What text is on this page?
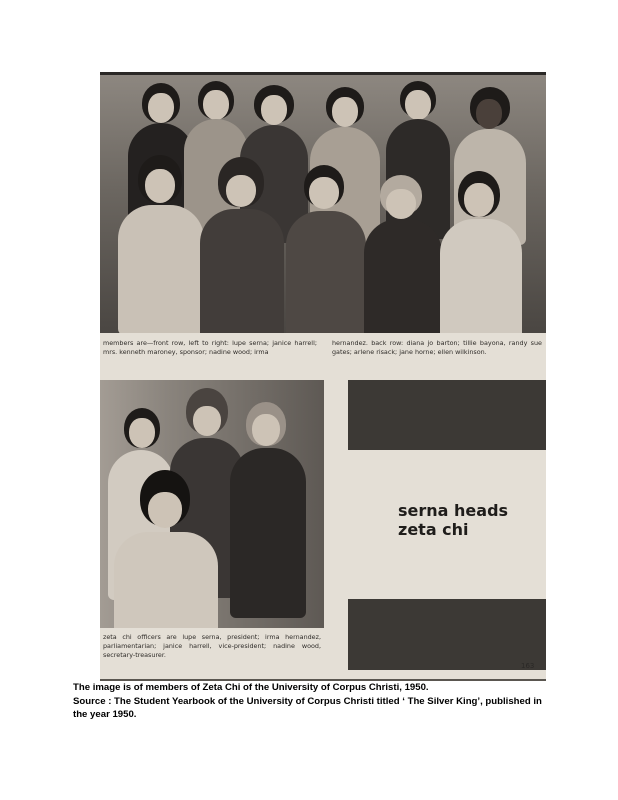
members are—front row, left to right: lupe serna; janice harrell; mrs. kenneth maroney, sponsor; nadine wood; irma
hernandez. back row: diana jo barton; tillie bayona, randy sue gates; arlene risack; jane horne; ellen wilkinson.
zeta chi officers are lupe serna, president; irma hernandez, parliamentarian; janice harrell, vice-president; nadine wood, secretary-treasurer.
serna heads
zeta chi
163
The image is of members of Zeta Chi of the University of Corpus Christi, 1950.
Source : The Student Yearbook of the University of Corpus Christi titled ‘ The Silver King’, published in
the year 1950.
